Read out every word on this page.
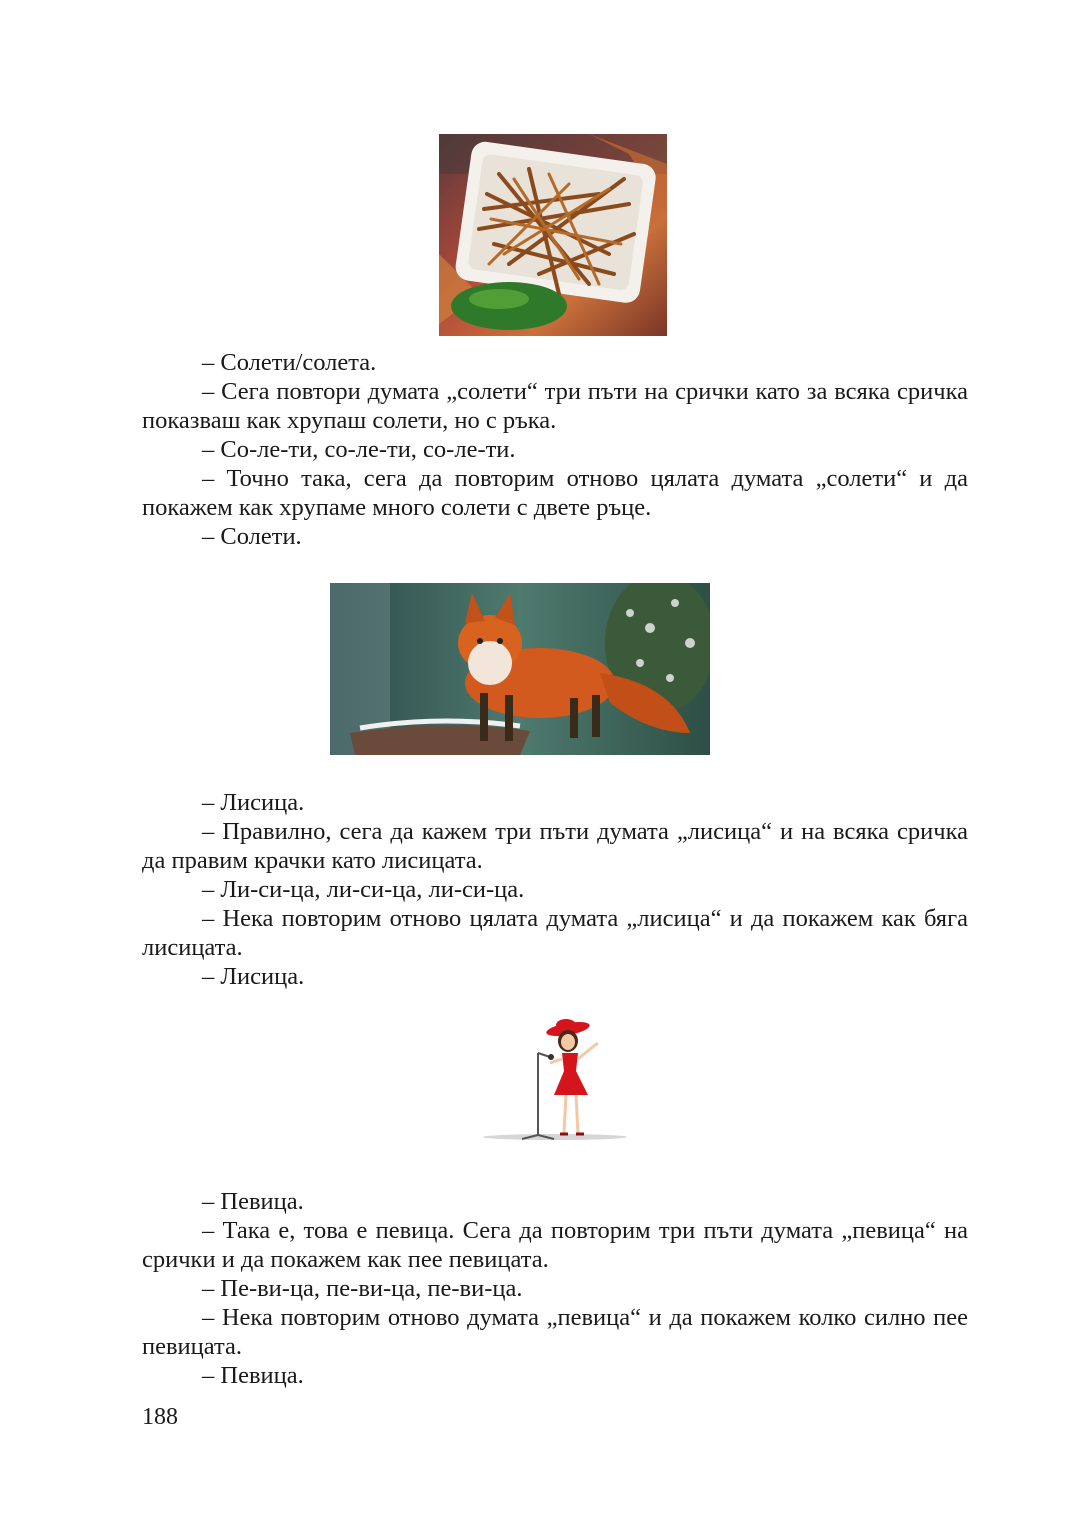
– Солети/солета.

– Сега повтори думата „солети“ три пъти на срички като за всяка сричка показваш как хрупаш солети, но с ръка.

– Со-ле-ти, со-ле-ти, со-ле-ти.

– Точно така, сега да повторим отново цялата думата „солети“ и да покажем как хрупаме много солети с двете ръце.

– Солети.

– Лисица.

– Правилно, сега да кажем три пъти думата „лисица“ и на всяка сричка да правим крачки като лисицата.

– Ли-си-ца, ли-си-ца, ли-си-ца.

– Нека повторим отново цялата думата „лисица“ и да покажем как бяга лисицата.

– Лисица.

– Певица.

– Така е, това е певица. Сега да повторим три пъти думата „певица“ на срички и да покажем как пее певицата.

– Пе-ви-ца, пе-ви-ца, пе-ви-ца.

– Нека повторим отново думата „певица“ и да покажем колко силно пее певицата.

– Певица.

188
